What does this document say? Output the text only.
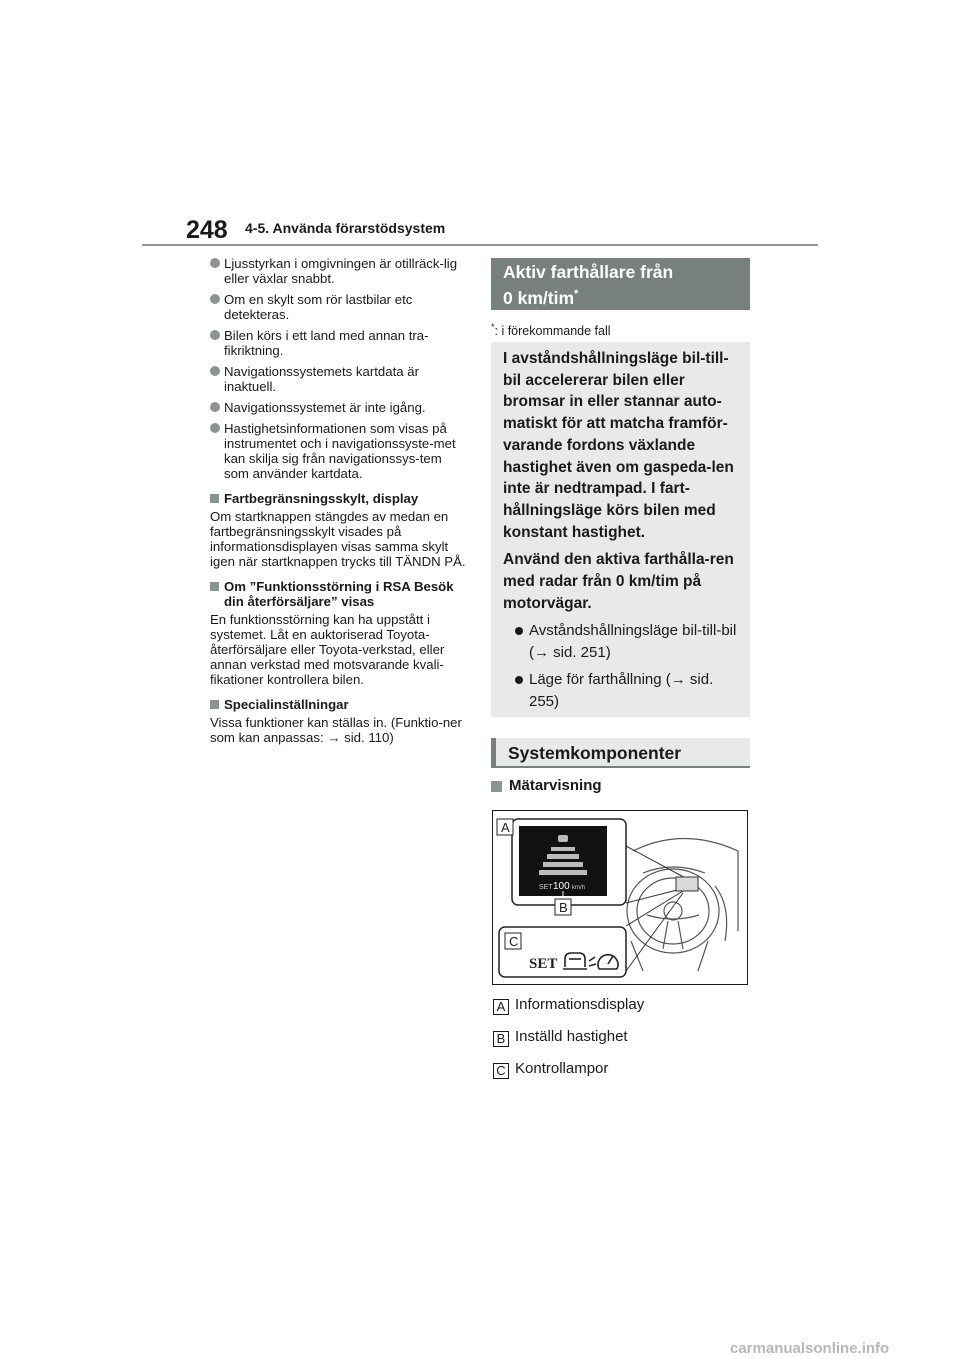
248 4-5. Använda förarstödsystem
Ljusstyrkan i omgivningen är otillräck-lig eller växlar snabbt.
Om en skylt som rör lastbilar etc detekteras.
Bilen körs i ett land med annan tra-fikriktning.
Navigationssystemets kartdata är inaktuell.
Navigationssystemet är inte igång.
Hastighetsinformationen som visas på instrumentet och i navigationssyste-met kan skilja sig från navigationssys-tem som använder kartdata.
Fartbegränsningsskylt, display
Om startknappen stängdes av medan en fartbegränsningsskylt visades på informationsdisplayen visas samma skylt igen när startknappen trycks till TÄNDN PÅ.
Om ”Funktionsstörning i RSA Besök din återförsäljare” visas
En funktionsstörning kan ha uppstått i systemet. Låt en auktoriserad Toyota-återförsäljare eller Toyota-verkstad, eller annan verkstad med motsvarande kvali-fikationer kontrollera bilen.
Specialinställningar
Vissa funktioner kan ställas in. (Funktio-ner som kan anpassas: → sid. 110)
Aktiv farthållare från
0 km/tim*
*: i förekommande fall

I avståndshållningsläge bil-till-bil accelererar bilen eller bromsar in eller stannar auto-matiskt för att matcha framför-varande fordons växlande hastighet även om gaspeda-len inte är nedtrampad. I fart-hållningsläge körs bilen med konstant hastighet.

Använd den aktiva farthålla-ren med radar från 0 km/tim på motorvägar.

Avståndshållningsläge bil-till-bil (→ sid. 251)
Läge för farthållning (→ sid. 255)
Systemkomponenter
Mätarvisning
SET 100 km/h
A
B
C
SET
A Informationsdisplay
B Inställd hastighet
C Kontrollampor
carmanualsonline.info
